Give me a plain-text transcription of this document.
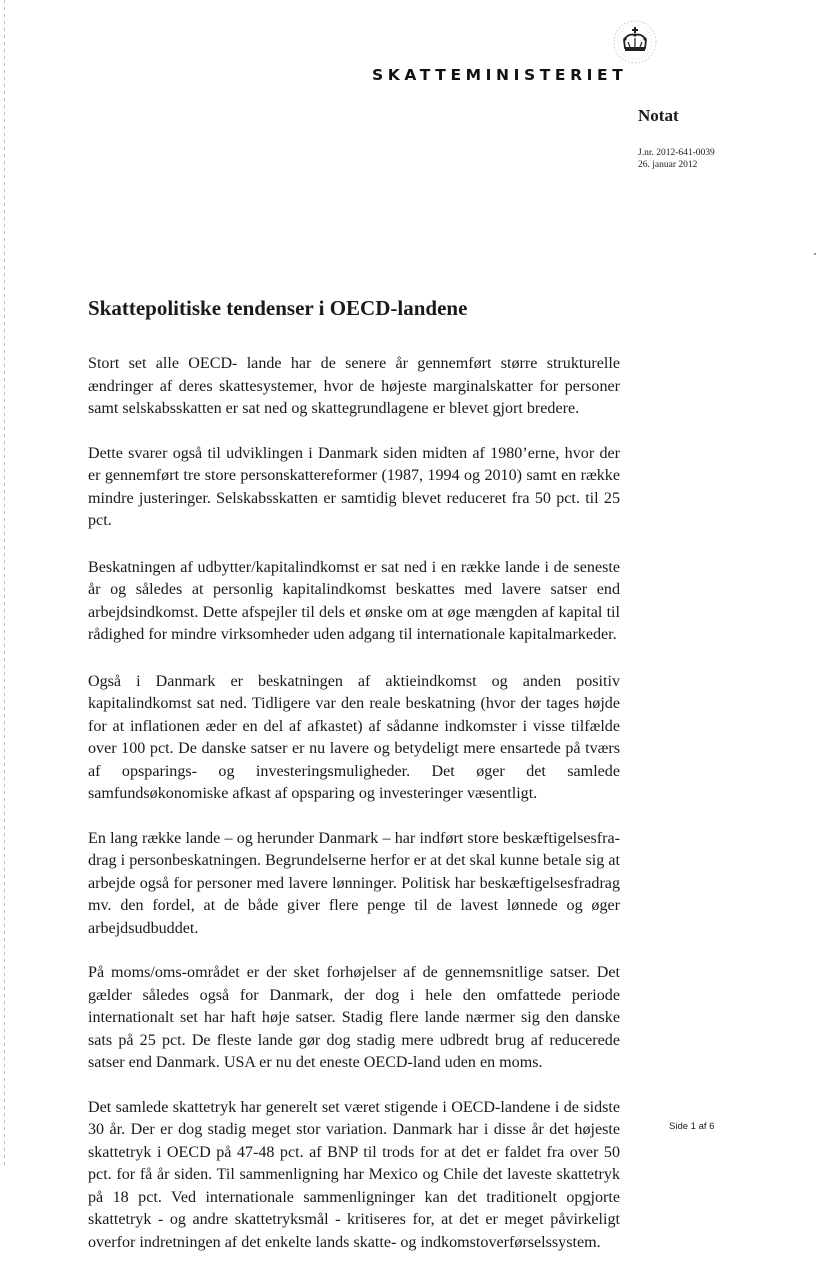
SKATTEMINISTERIET
Notat
J.nr. 2012-641-0039
26. januar 2012
Skattepolitiske tendenser i OECD-landene

Stort set alle OECD- lande har de senere år gennemført større strukturelle ændringer af deres skattesystemer, hvor de højeste marginalskatter for personer samt selskabsskatten er sat ned og skattegrundlagene er blevet gjort bredere.

Dette svarer også til udviklingen i Danmark siden midten af 1980’erne, hvor der er gennemført tre store personskattereformer (1987, 1994 og 2010) samt en række mindre justeringer. Selskabsskatten er samtidig blevet reduceret fra 50 pct. til 25 pct.

Beskatningen af udbytter/kapitalindkomst er sat ned i en række lande i de seneste år og således at personlig kapitalindkomst beskattes med lavere satser end arbejdsindkomst. Dette afspejler til dels et ønske om at øge mængden af kapital til rådighed for mindre virksomheder uden adgang til internationale kapitalmarkeder.

Også i Danmark er beskatningen af aktieindkomst og anden positiv kapitalindkomst sat ned. Tidligere var den reale beskatning (hvor der tages højde for at inflationen æder en del af afkastet) af sådanne indkomster i visse tilfælde over 100 pct. De danske satser er nu lavere og betydeligt mere ensartede på tværs af opsparings- og investeringsmuligheder. Det øger det samlede samfundsøkonomiske afkast af opsparing og investeringer væsentligt.

En lang række lande – og herunder Danmark – har indført store beskæftigelsesfradrag i personbeskatningen. Begrundelserne herfor er at det skal kunne betale sig at arbejde også for personer med lavere lønninger. Politisk har beskæftigelsesfradrag mv. den fordel, at de både giver flere penge til de lavest lønnede og øger arbejdsudbuddet.

På moms/oms-området er der sket forhøjelser af de gennemsnitlige satser. Det gælder således også for Danmark, der dog i hele den omfattede periode internationalt set har haft høje satser. Stadig flere lande nærmer sig den danske sats på 25 pct. De fleste lande gør dog stadig mere udbredt brug af reducerede satser end Danmark. USA er nu det eneste OECD-land uden en moms.

Det samlede skattetryk har generelt set været stigende i OECD-landene i de sidste 30 år. Der er dog stadig meget stor variation. Danmark har i disse år det højeste skattetryk i OECD på 47-48 pct. af BNP til trods for at det er faldet fra over 50 pct. for få år siden. Til sammenligning har Mexico og Chile det laveste skattetryk på 18 pct. Ved internationale sammenligninger kan det traditionelt opgjorte skattetryk - og andre skattetryksmål - kritiseres for, at det er meget påvirkeligt overfor indretningen af det enkelte lands skatte- og indkomstoverførselssystem.

Side 1 af 6
